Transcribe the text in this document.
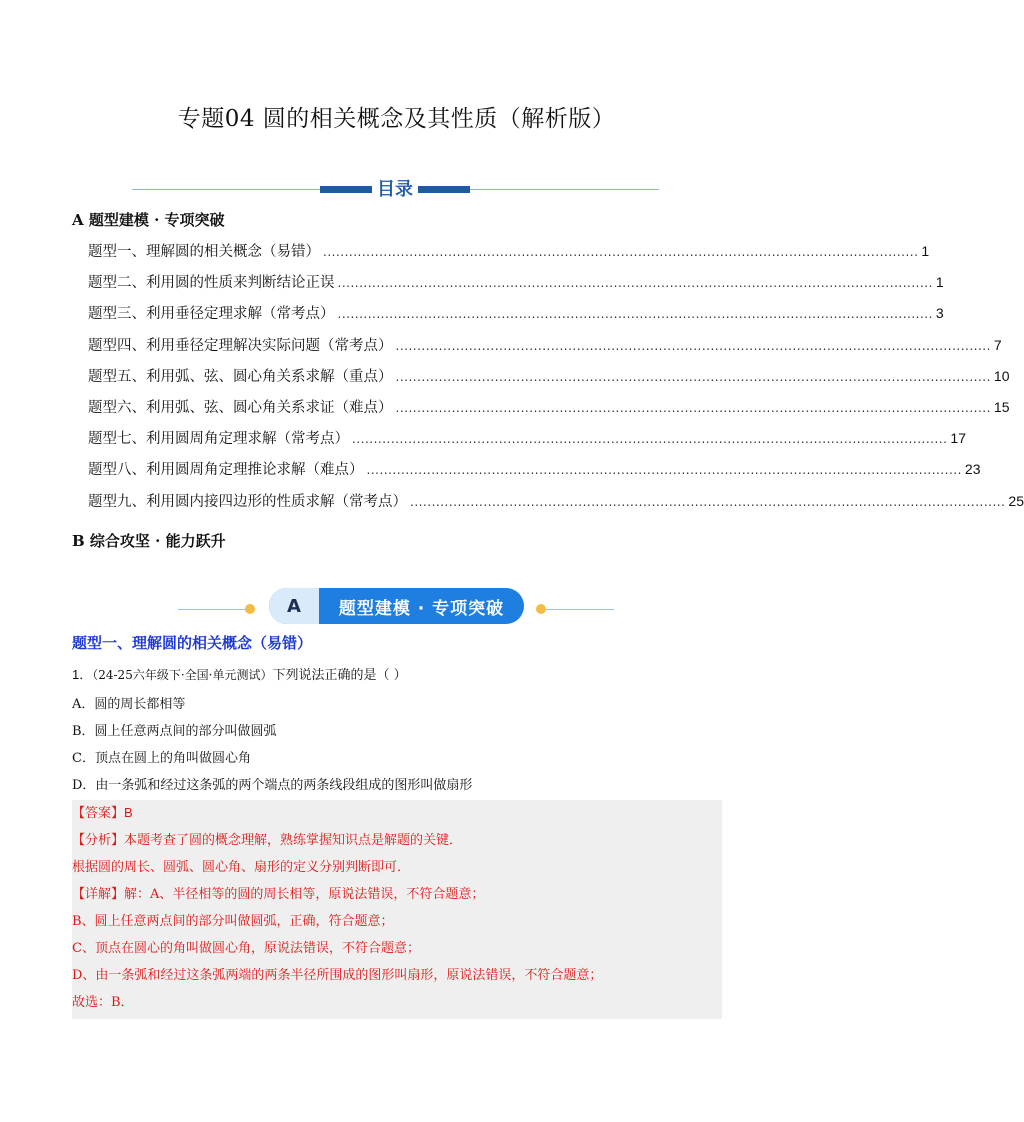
专题04 圆的相关概念及其性质（解析版）
目录
A 题型建模 · 专项突破
题型一、理解圆的相关概念（易错） .......................................................................................................................................... 1
题型二、利用圆的性质来判断结论正误 .......................................................................................................................................... 1
题型三、利用垂径定理求解（常考点） .......................................................................................................................................... 3
题型四、利用垂径定理解决实际问题（常考点） .......................................................................................................................................... 7
题型五、利用弧、弦、圆心角关系求解（重点） .......................................................................................................................................... 10
题型六、利用弧、弦、圆心角关系求证（难点） .......................................................................................................................................... 15
题型七、利用圆周角定理求解（常考点） .......................................................................................................................................... 17
题型八、利用圆周角定理推论求解（难点） .......................................................................................................................................... 23
题型九、利用圆内接四边形的性质求解（常考点） .......................................................................................................................................... 25
B 综合攻坚 · 能力跃升
A	题型建模 · 专项突破
题型一、理解圆的相关概念（易错）
1．（24-25六年级下·全国·单元测试）下列说法正确的是（ ）
A．圆的周长都相等
B．圆上任意两点间的部分叫做圆弧
C．顶点在圆上的角叫做圆心角
D．由一条弧和经过这条弧的两个端点的两条线段组成的图形叫做扇形
【答案】B
【分析】本题考查了圆的概念理解，熟练掌握知识点是解题的关键．
根据圆的周长、圆弧、圆心角、扇形的定义分别判断即可．
【详解】解：A、半径相等的圆的周长相等，原说法错误，不符合题意；
B、圆上任意两点间的部分叫做圆弧，正确，符合题意；
C、顶点在圆心的角叫做圆心角，原说法错误，不符合题意；
D、由一条弧和经过这条弧两端的两条半径所围成的图形叫扇形，原说法错误，不符合题意；
故选：B．
